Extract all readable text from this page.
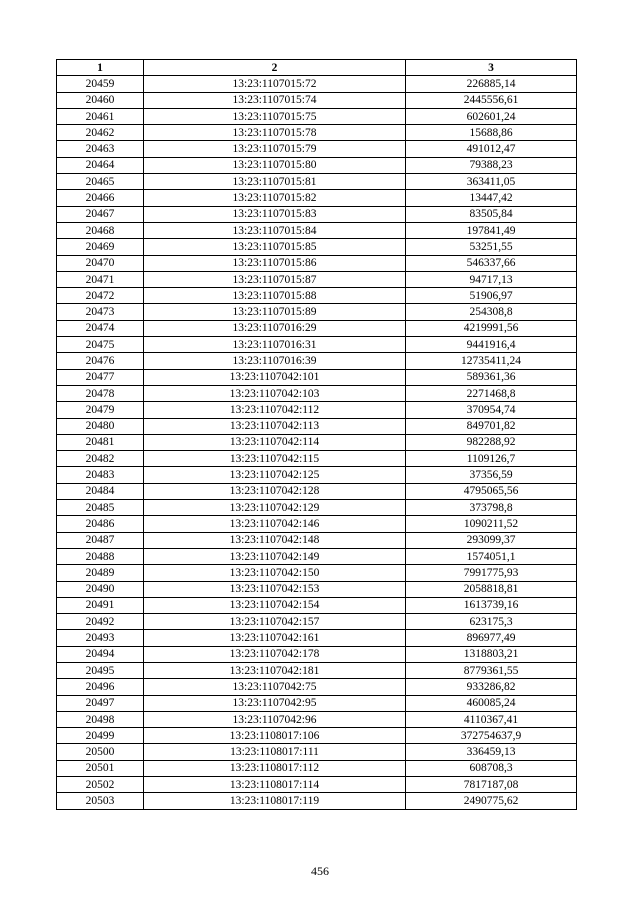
1	2	3
20459	13:23:1107015:72	226885,14
20460	13:23:1107015:74	2445556,61
20461	13:23:1107015:75	602601,24
20462	13:23:1107015:78	15688,86
20463	13:23:1107015:79	491012,47
20464	13:23:1107015:80	79388,23
20465	13:23:1107015:81	363411,05
20466	13:23:1107015:82	13447,42
20467	13:23:1107015:83	83505,84
20468	13:23:1107015:84	197841,49
20469	13:23:1107015:85	53251,55
20470	13:23:1107015:86	546337,66
20471	13:23:1107015:87	94717,13
20472	13:23:1107015:88	51906,97
20473	13:23:1107015:89	254308,8
20474	13:23:1107016:29	4219991,56
20475	13:23:1107016:31	9441916,4
20476	13:23:1107016:39	12735411,24
20477	13:23:1107042:101	589361,36
20478	13:23:1107042:103	2271468,8
20479	13:23:1107042:112	370954,74
20480	13:23:1107042:113	849701,82
20481	13:23:1107042:114	982288,92
20482	13:23:1107042:115	1109126,7
20483	13:23:1107042:125	37356,59
20484	13:23:1107042:128	4795065,56
20485	13:23:1107042:129	373798,8
20486	13:23:1107042:146	1090211,52
20487	13:23:1107042:148	293099,37
20488	13:23:1107042:149	1574051,1
20489	13:23:1107042:150	7991775,93
20490	13:23:1107042:153	2058818,81
20491	13:23:1107042:154	1613739,16
20492	13:23:1107042:157	623175,3
20493	13:23:1107042:161	896977,49
20494	13:23:1107042:178	1318803,21
20495	13:23:1107042:181	8779361,55
20496	13:23:1107042:75	933286,82
20497	13:23:1107042:95	460085,24
20498	13:23:1107042:96	4110367,41
20499	13:23:1108017:106	372754637,9
20500	13:23:1108017:111	336459,13
20501	13:23:1108017:112	608708,3
20502	13:23:1108017:114	7817187,08
20503	13:23:1108017:119	2490775,62
456
